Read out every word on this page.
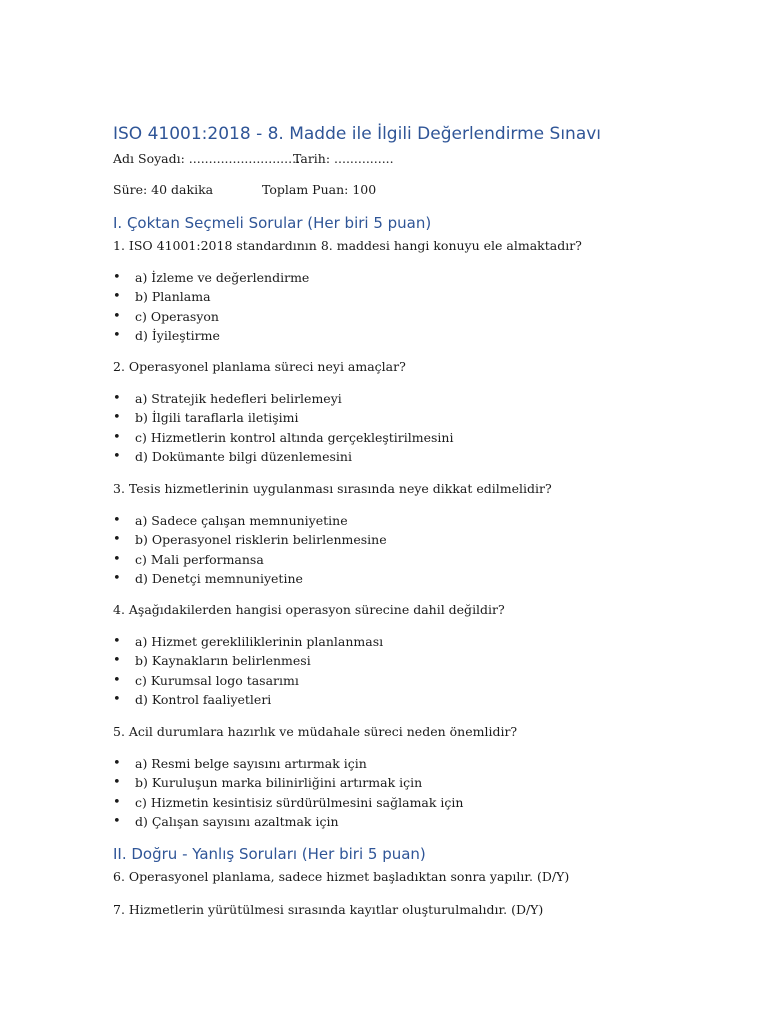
ISO 41001:2018 - 8. Madde ile İlgili Değerlendirme Sınavı
Adı Soyadı: ............................
Tarih: ...............
Süre: 40 dakika	Toplam Puan: 100
I. Çoktan Seçmeli Sorular (Her biri 5 puan)
1. ISO 41001:2018 standardının 8. maddesi hangi konuyu ele almaktadır?
• a) İzleme ve değerlendirme
• b) Planlama
• c) Operasyon
• d) İyileştirme
2. Operasyonel planlama süreci neyi amaçlar?
• a) Stratejik hedefleri belirlemeyi
• b) İlgili taraflarla iletişimi
• c) Hizmetlerin kontrol altında gerçekleştirilmesini
• d) Dokümante bilgi düzenlemesini
3. Tesis hizmetlerinin uygulanması sırasında neye dikkat edilmelidir?
• a) Sadece çalışan memnuniyetine
• b) Operasyonel risklerin belirlenmesine
• c) Mali performansa
• d) Denetçi memnuniyetine
4. Aşağıdakilerden hangisi operasyon sürecine dahil değildir?
• a) Hizmet gerekliliklerinin planlanması
• b) Kaynakların belirlenmesi
• c) Kurumsal logo tasarımı
• d) Kontrol faaliyetleri
5. Acil durumlara hazırlık ve müdahale süreci neden önemlidir?
• a) Resmi belge sayısını artırmak için
• b) Kuruluşun marka bilinirliğini artırmak için
• c) Hizmetin kesintisiz sürdürülmesini sağlamak için
• d) Çalışan sayısını azaltmak için
II. Doğru - Yanlış Soruları (Her biri 5 puan)
6. Operasyonel planlama, sadece hizmet başladıktan sonra yapılır. (D/Y)
7. Hizmetlerin yürütülmesi sırasında kayıtlar oluşturulmalıdır. (D/Y)
